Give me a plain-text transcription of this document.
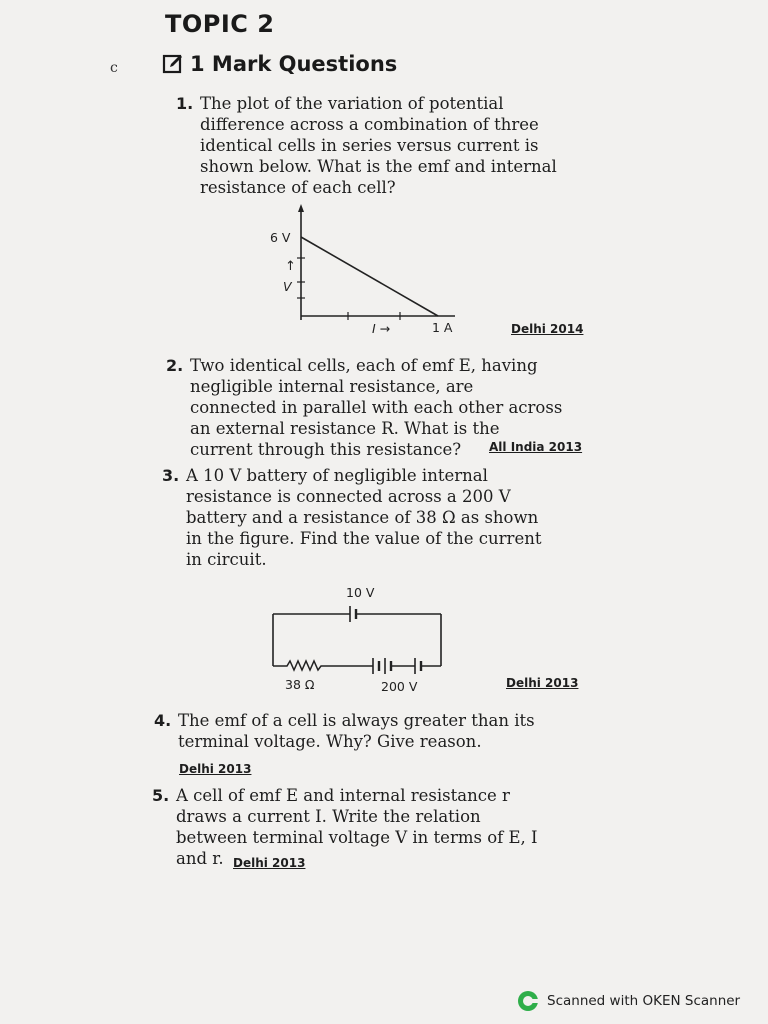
TOPIC 2
c	1 Mark Questions
1. The plot of the variation of potential
difference across a combination of three
identical cells in series versus current is
shown below. What is the emf and internal
resistance of each cell?
6 V
↑
V
I →	1 A	Delhi 2014
2. Two identical cells, each of emf E, having
negligible internal resistance, are
connected in parallel with each other across
an external resistance R. What is the
current through this resistance?	All India 2013
3. A 10 V battery of negligible internal
resistance is connected across a 200 V
battery and a resistance of 38 Ω as shown
in the figure. Find the value of the current
in circuit.
10 V
38 Ω	200 V	Delhi 2013
4. The emf of a cell is always greater than its
terminal voltage. Why? Give reason.
Delhi 2013
5. A cell of emf E and internal resistance r
draws a current I. Write the relation
between terminal voltage V in terms of E, I
and r. Delhi 2013
Scanned with OKEN Scanner
